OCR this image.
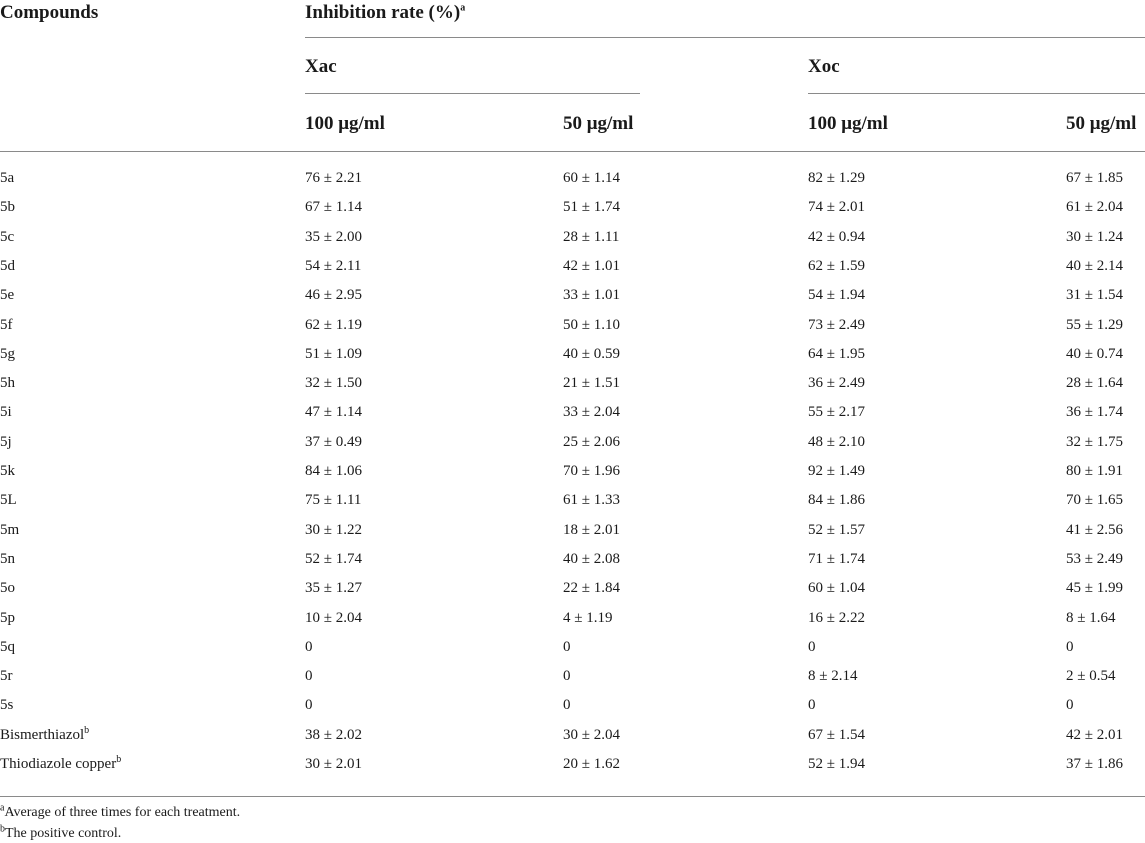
Compounds	Inhibition rate (%)$^a$
Xac	Xoc
100 μg/ml	50 μg/ml	100 μg/ml	50 μg/ml
5a	76 ± 2.21	60 ± 1.14	82 ± 1.29	67 ± 1.85
5b	67 ± 1.14	51 ± 1.74	74 ± 2.01	61 ± 2.04
5c	35 ± 2.00	28 ± 1.11	42 ± 0.94	30 ± 1.24
5d	54 ± 2.11	42 ± 1.01	62 ± 1.59	40 ± 2.14
5e	46 ± 2.95	33 ± 1.01	54 ± 1.94	31 ± 1.54
5f	62 ± 1.19	50 ± 1.10	73 ± 2.49	55 ± 1.29
5g	51 ± 1.09	40 ± 0.59	64 ± 1.95	40 ± 0.74
5h	32 ± 1.50	21 ± 1.51	36 ± 2.49	28 ± 1.64
5i	47 ± 1.14	33 ± 2.04	55 ± 2.17	36 ± 1.74
5j	37 ± 0.49	25 ± 2.06	48 ± 2.10	32 ± 1.75
5k	84 ± 1.06	70 ± 1.96	92 ± 1.49	80 ± 1.91
5L	75 ± 1.11	61 ± 1.33	84 ± 1.86	70 ± 1.65
5m	30 ± 1.22	18 ± 2.01	52 ± 1.57	41 ± 2.56
5n	52 ± 1.74	40 ± 2.08	71 ± 1.74	53 ± 2.49
5o	35 ± 1.27	22 ± 1.84	60 ± 1.04	45 ± 1.99
5p	10 ± 2.04	4 ± 1.19	16 ± 2.22	8 ± 1.64
5q	0	0	0	0
5r	0	0	8 ± 2.14	2 ± 0.54
5s	0	0	0	0
Bismerthiazol$^b$	38 ± 2.02	30 ± 2.04	67 ± 1.54	42 ± 2.01
Thiodiazole copper$^b$	30 ± 2.01	20 ± 1.62	52 ± 1.94	37 ± 1.86
$^a$Average of three times for each treatment.
$^b$The positive control.
